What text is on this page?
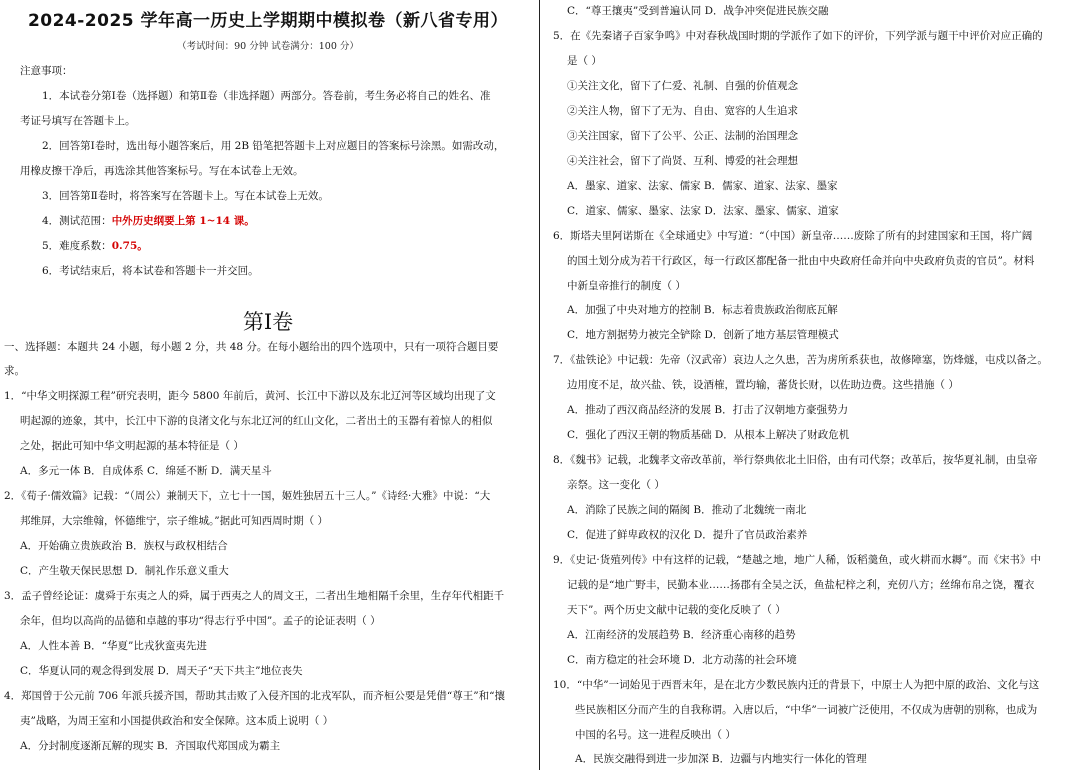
2024-2025 学年高一历史上学期期中模拟卷（新八省专用）
（考试时间：90 分钟 试卷满分：100 分）
注意事项：
1．本试卷分第Ⅰ卷（选择题）和第Ⅱ卷（非选择题）两部分。答卷前，考生务必将自己的姓名、准
考证号填写在答题卡上。
2．回答第Ⅰ卷时，选出每小题答案后，用 2B 铅笔把答题卡上对应题目的答案标号涂黑。如需改动，
用橡皮擦干净后，再选涂其他答案标号。写在本试卷上无效。
3．回答第Ⅱ卷时，将答案写在答题卡上。写在本试卷上无效。
4．测试范围：中外历史纲要上第 1~14 课。
5．难度系数：0.75。
6．考试结束后，将本试卷和答题卡一并交回。
第Ⅰ卷
一、选择题：本题共 24 小题，每小题 2 分，共 48 分。在每小题给出的四个选项中，只有一项符合题目要
求。
1．“中华文明探源工程”研究表明，距今 5800 年前后，黄河、长江中下游以及东北辽河等区域均出现了文
明起源的迹象，其中，长江中下游的良渚文化与东北辽河的红山文化，二者出土的玉器有着惊人的相似
之处，据此可知中华文明起源的基本特征是（ ）
A．多元一体 B．自成体系 C．绵延不断 D．满天星斗
2．《荀子·儒效篇》记载：“（周公）兼制天下，立七十一国，姬姓独居五十三人。”《诗经·大雅》中说：“大
邦维屏，大宗维翰，怀德维宁，宗子维城。”据此可知西周时期（ ）
A．开始确立贵族政治 B．族权与政权相结合
C．产生敬天保民思想 D．制礼作乐意义重大
3．孟子曾经论证：虞舜于东夷之人的舜，属于西夷之人的周文王，二者出生地相隔千余里，生存年代相距千
余年，但均以高尚的品德和卓越的事功“得志行乎中国”。孟子的论证表明（ ）
A．人性本善 B．“华夏”比戎狄蛮夷先进
C．华夏认同的观念得到发展 D．周天子“天下共主”地位丧失
4．郑国曾于公元前 706 年派兵援齐国，帮助其击败了入侵齐国的北戎军队，而齐桓公要是凭借“尊王”和“攘
夷”战略，为周王室和小国提供政治和安全保障。这本质上说明（ ）
A．分封制度逐渐瓦解的现实 B．齐国取代郑国成为霸主
C．“尊王攘夷”受到普遍认同 D．战争冲突促进民族交融
5．在《先秦诸子百家争鸣》中对春秋战国时期的学派作了如下的评价，下列学派与题干中评价对应正确的
是（ ）
①关注文化，留下了仁爱、礼制、自强的价值观念
②关注人物，留下了无为、自由、宽容的人生追求
③关注国家，留下了公平、公正、法制的治国理念
④关注社会，留下了尚贤、互利、博爱的社会理想
A．墨家、道家、法家、儒家 B．儒家、道家、法家、墨家
C．道家、儒家、墨家、法家 D．法家、墨家、儒家、道家
6．斯塔夫里阿诺斯在《全球通史》中写道：“（中国）新皇帝……废除了所有的封建国家和王国，将广阔
的国土划分成为若干行政区，每一行政区都配备一批由中央政府任命并向中央政府负责的官员”。材料
中新皇帝推行的制度（ ）
A．加强了中央对地方的控制 B．标志着贵族政治彻底瓦解
C．地方割据势力被完全铲除 D．创新了地方基层管理模式
7．《盐铁论》中记载：先帝（汉武帝）哀边人之久患，苦为虏所系获也，故修障塞，饬烽燧，屯戍以备之。
边用度不足，故兴盐、铁，设酒榷，置均输，蕃货长财，以佐助边费。这些措施（ ）
A．推动了西汉商品经济的发展 B．打击了汉朝地方豪强势力
C．强化了西汉王朝的物质基础 D．从根本上解决了财政危机
8．《魏书》记载，北魏孝文帝改革前，举行祭典依北土旧俗，由有司代祭；改革后，按华夏礼制，由皇帝
亲祭。这一变化（ ）
A．消除了民族之间的隔阂 B．推动了北魏统一南北
C．促进了鲜卑政权的汉化 D．提升了官员政治素养
9．《史记·货殖列传》中有这样的记载，“楚越之地，地广人稀，饭稻羹鱼，或火耕而水耨”。而《宋书》中
记载的是“地广野丰，民勤本业……扬郡有全吴之沃，鱼盐杞梓之利，充仞八方；丝绵布帛之饶，覆衣
天下”。两个历史文献中记载的变化反映了（ ）
A．江南经济的发展趋势 B．经济重心南移的趋势
C．南方稳定的社会环境 D．北方动荡的社会环境
10．“中华”一词始见于西晋末年，是在北方少数民族内迁的背景下，中原士人为把中原的政治、文化与这
些民族相区分而产生的自我称谓。入唐以后，“中华”一词被广泛使用，不仅成为唐朝的别称，也成为
中国的名号。这一进程反映出（ ）
A．民族交融得到进一步加深 B．边疆与内地实行一体化的管理
